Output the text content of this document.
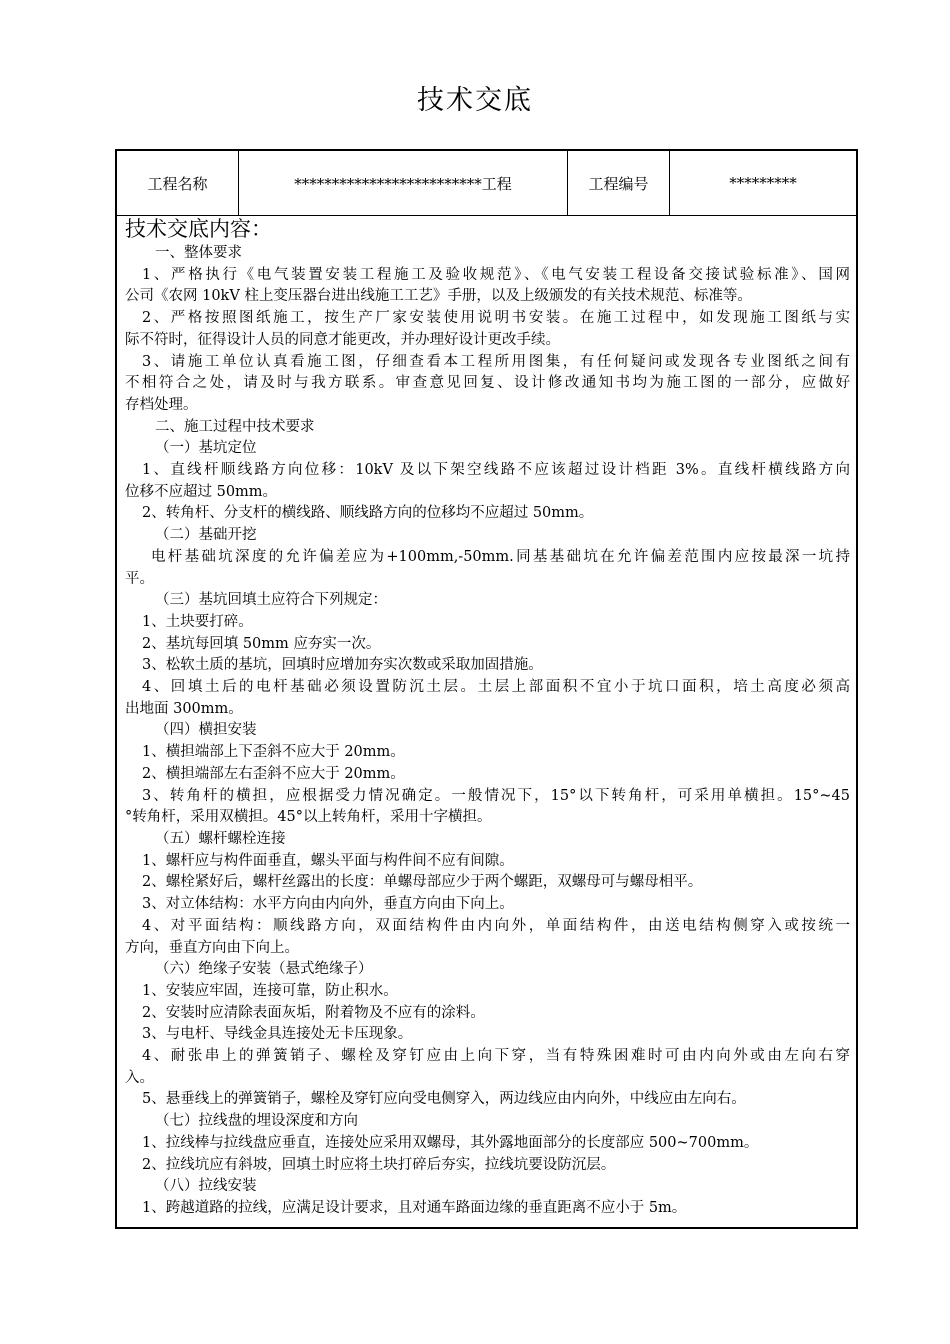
技术交底
工程名称	*************************工程	工程编号	*********
技术交底内容：
一、整体要求
1、严格执行《电气装置安装工程施工及验收规范》、《电气安装工程设备交接试验标准》、国网
公司《农网 10kV 柱上变压器台进出线施工工艺》手册，以及上级颁发的有关技术规范、标准等。
2、严格按照图纸施工，按生产厂家安装使用说明书安装。在施工过程中，如发现施工图纸与实
际不符时，征得设计人员的同意才能更改，并办理好设计更改手续。
3、请施工单位认真看施工图，仔细查看本工程所用图集，有任何疑问或发现各专业图纸之间有
不相符合之处，请及时与我方联系。审查意见回复、设计修改通知书均为施工图的一部分，应做好
存档处理。
二、施工过程中技术要求
（一）基坑定位
1、直线杆顺线路方向位移：10kV 及以下架空线路不应该超过设计档距 3%。直线杆横线路方向
位移不应超过 50mm。
2、转角杆、分支杆的横线路、顺线路方向的位移均不应超过 50mm。
（二）基础开挖
电杆基础坑深度的允许偏差应为+100mm,-50mm.同基基础坑在允许偏差范围内应按最深一坑持
平。
（三）基坑回填土应符合下列规定：
1、土块要打碎。
2、基坑每回填 50mm 应夯实一次。
3、松软土质的基坑，回填时应增加夯实次数或采取加固措施。
4、回填土后的电杆基础必须设置防沉土层。土层上部面积不宜小于坑口面积，培土高度必须高
出地面 300mm。
（四）横担安装
1、横担端部上下歪斜不应大于 20mm。
2、横担端部左右歪斜不应大于 20mm。
3、转角杆的横担，应根据受力情况确定。一般情况下，15°以下转角杆，可采用单横担。15°~45
°转角杆，采用双横担。45°以上转角杆，采用十字横担。
（五）螺杆螺栓连接
1、螺杆应与构件面垂直，螺头平面与构件间不应有间隙。
2、螺栓紧好后，螺杆丝露出的长度：单螺母部应少于两个螺距，双螺母可与螺母相平。
3、对立体结构：水平方向由内向外，垂直方向由下向上。
4、对平面结构：顺线路方向，双面结构件由内向外，单面结构件，由送电结构侧穿入或按统一
方向，垂直方向由下向上。
（六）绝缘子安装（悬式绝缘子）
1、安装应牢固，连接可靠，防止积水。
2、安装时应清除表面灰垢，附着物及不应有的涂料。
3、与电杆、导线金具连接处无卡压现象。
4、耐张串上的弹簧销子、螺栓及穿钉应由上向下穿，当有特殊困难时可由内向外或由左向右穿
入。
5、悬垂线上的弹簧销子，螺栓及穿钉应向受电侧穿入，两边线应由内向外，中线应由左向右。
（七）拉线盘的埋设深度和方向
1、拉线棒与拉线盘应垂直，连接处应采用双螺母，其外露地面部分的长度部应 500~700mm。
2、拉线坑应有斜坡，回填土时应将土块打碎后夯实，拉线坑要设防沉层。
（八）拉线安装
1、跨越道路的拉线，应满足设计要求，且对通车路面边缘的垂直距离不应小于 5m。
